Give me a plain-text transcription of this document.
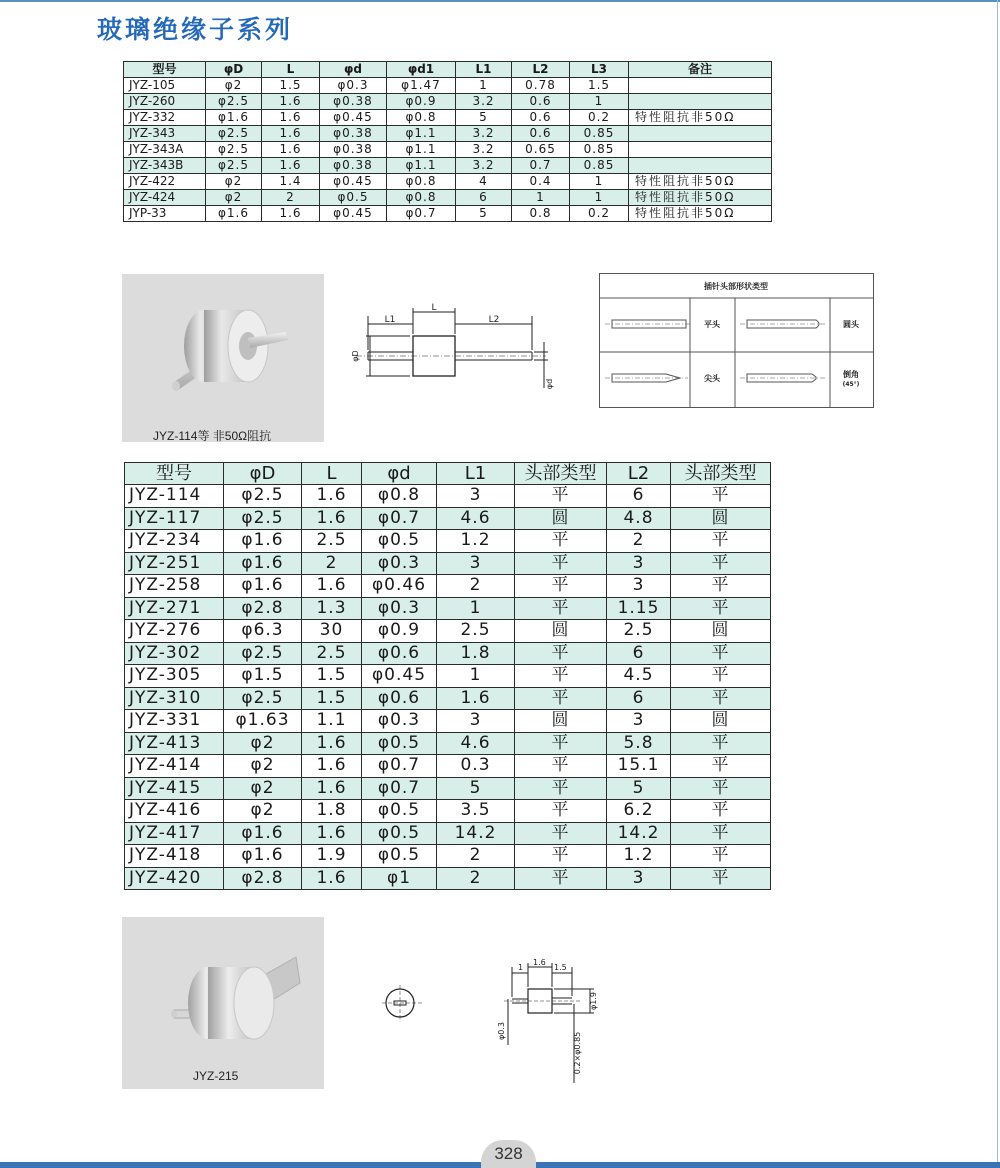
玻璃绝缘子系列
型号	φD	L	φd	φd1	L1	L2	L3	备注
JYZ-105	φ2	1.5	φ0.3	φ1.47	1	0.78	1.5	
JYZ-260	φ2.5	1.6	φ0.38	φ0.9	3.2	0.6	1	
JYZ-332	φ1.6	1.6	φ0.45	φ0.8	5	0.6	0.2	特性阻抗非50Ω
JYZ-343	φ2.5	1.6	φ0.38	φ1.1	3.2	0.6	0.85	
JYZ-343A	φ2.5	1.6	φ0.38	φ1.1	3.2	0.65	0.85	
JYZ-343B	φ2.5	1.6	φ0.38	φ1.1	3.2	0.7	0.85	
JYZ-422	φ2	1.4	φ0.45	φ0.8	4	0.4	1	特性阻抗非50Ω
JYZ-424	φ2	2	φ0.5	φ0.8	6	1	1	特性阻抗非50Ω
JYP-33	φ1.6	1.6	φ0.45	φ0.7	5	0.8	0.2	特性阻抗非50Ω
JYZ-114等 非50Ω阻抗
L1
L
L2
φD
φd
插针头部形状类型
平头	圆头
尖头	倒角
(45°)
型号	φD	L	φd	L1	头部类型	L2	头部类型
JYZ-114	φ2.5	1.6	φ0.8	3	平	6	平
JYZ-117	φ2.5	1.6	φ0.7	4.6	圆	4.8	圆
JYZ-234	φ1.6	2.5	φ0.5	1.2	平	2	平
JYZ-251	φ1.6	2	φ0.3	3	平	3	平
JYZ-258	φ1.6	1.6	φ0.46	2	平	3	平
JYZ-271	φ2.8	1.3	φ0.3	1	平	1.15	平
JYZ-276	φ6.3	30	φ0.9	2.5	圆	2.5	圆
JYZ-302	φ2.5	2.5	φ0.6	1.8	平	6	平
JYZ-305	φ1.5	1.5	φ0.45	1	平	4.5	平
JYZ-310	φ2.5	1.5	φ0.6	1.6	平	6	平
JYZ-331	φ1.63	1.1	φ0.3	3	圆	3	圆
JYZ-413	φ2	1.6	φ0.5	4.6	平	5.8	平
JYZ-414	φ2	1.6	φ0.7	0.3	平	15.1	平
JYZ-415	φ2	1.6	φ0.7	5	平	5	平
JYZ-416	φ2	1.8	φ0.5	3.5	平	6.2	平
JYZ-417	φ1.6	1.6	φ0.5	14.2	平	14.2	平
JYZ-418	φ1.6	1.9	φ0.5	2	平	1.2	平
JYZ-420	φ2.8	1.6	φ1	2	平	3	平
JYZ-215
1
1.6
1.5
φ1.9
φ0.3
0.2×φ0.85
328
